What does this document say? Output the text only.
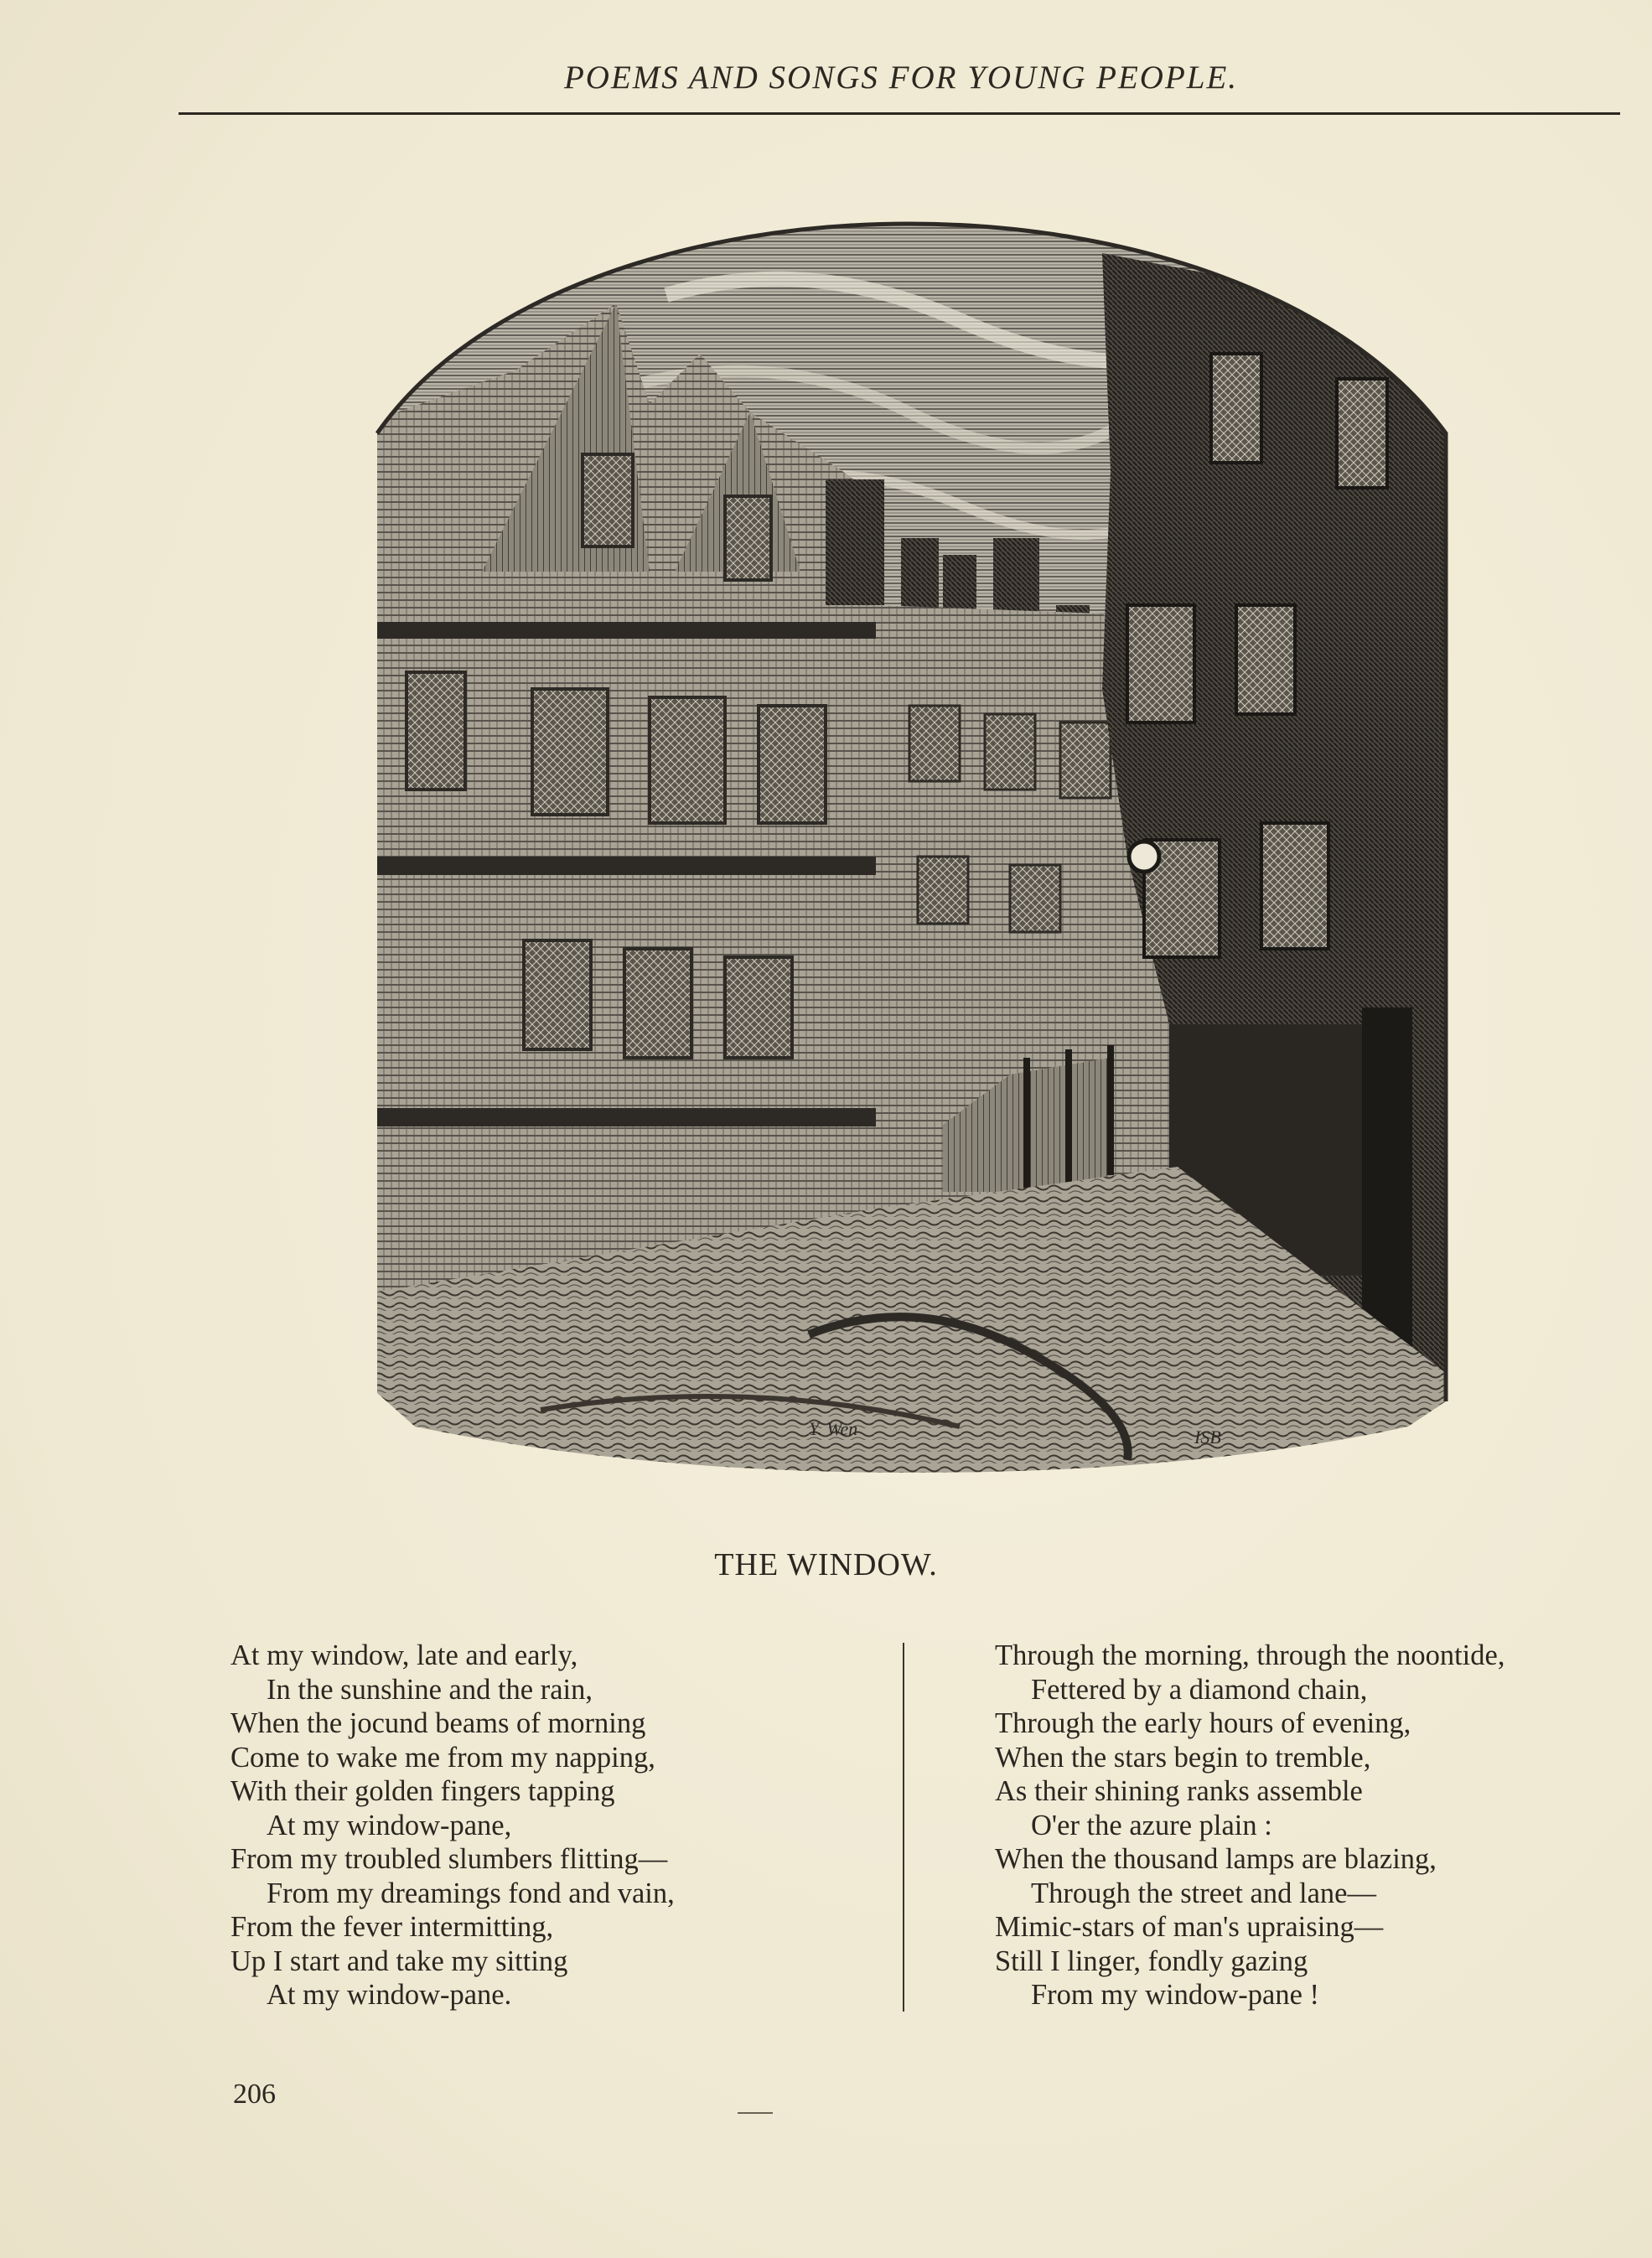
POEMS AND SONGS FOR YOUNG PEOPLE.
Y. Wen	ISB
THE WINDOW.
At my window, late and early,
In the sunshine and the rain,
When the jocund beams of morning
Come to wake me from my napping,
With their golden fingers tapping
At my window-pane,
From my troubled slumbers flitting—
From my dreamings fond and vain,
From the fever intermitting,
Up I start and take my sitting
At my window-pane.
Through the morning, through the noontide,
Fettered by a diamond chain,
Through the early hours of evening,
When the stars begin to tremble,
As their shining ranks assemble
O'er the azure plain :
When the thousand lamps are blazing,
Through the street and lane—
Mimic-stars of man's upraising—
Still I linger, fondly gazing
From my window-pane !
206
